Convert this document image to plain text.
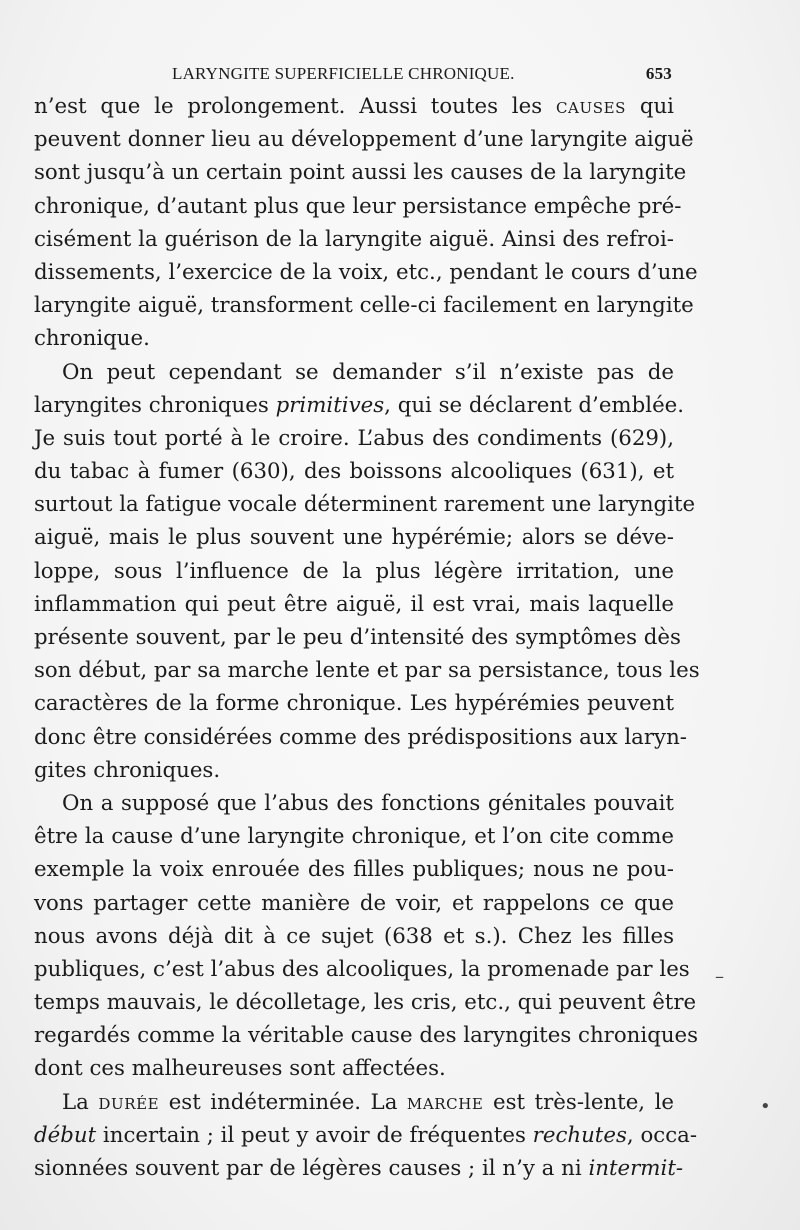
LARYNGITE SUPERFICIELLE CHRONIQUE.	653
n’est que le prolongement. Aussi toutes les causes qui
peuvent donner lieu au développement d’une laryngite aiguë
sont jusqu’à un certain point aussi les causes de la laryngite
chronique, d’autant plus que leur persistance empêche pré-
cisément la guérison de la laryngite aiguë. Ainsi des refroi-
dissements, l’exercice de la voix, etc., pendant le cours d’une
laryngite aiguë, transforment celle-ci facilement en laryngite
chronique.
On peut cependant se demander s’il n’existe pas de
laryngites chroniques primitives, qui se déclarent d’emblée.
Je suis tout porté à le croire. L’abus des condiments (629),
du tabac à fumer (630), des boissons alcooliques (631), et
surtout la fatigue vocale déterminent rarement une laryngite
aiguë, mais le plus souvent une hypérémie; alors se déve-
loppe, sous l’influence de la plus légère irritation, une
inflammation qui peut être aiguë, il est vrai, mais laquelle
présente souvent, par le peu d’intensité des symptômes dès
son début, par sa marche lente et par sa persistance, tous les
caractères de la forme chronique. Les hypérémies peuvent
donc être considérées comme des prédispositions aux laryn-
gites chroniques.
On a supposé que l’abus des fonctions génitales pouvait
être la cause d’une laryngite chronique, et l’on cite comme
exemple la voix enrouée des filles publiques; nous ne pou-
vons partager cette manière de voir, et rappelons ce que
nous avons déjà dit à ce sujet (638 et s.). Chez les filles
publiques, c’est l’abus des alcooliques, la promenade par les
temps mauvais, le décolletage, les cris, etc., qui peuvent être
regardés comme la véritable cause des laryngites chroniques
dont ces malheureuses sont affectées.
La durée est indéterminée. La marche est très-lente, le
début incertain ; il peut y avoir de fréquentes rechutes, occa-
sionnées souvent par de légères causes ; il n’y a ni intermit-
–
•
